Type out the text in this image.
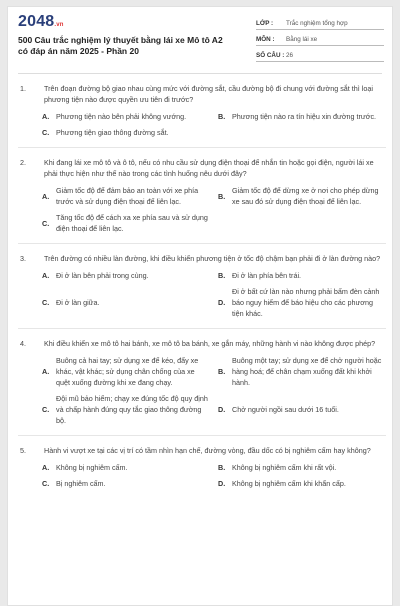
2048.vn
500 Câu trắc nghiệm lý thuyết bằng lái xe Mô tô A2 có đáp án năm 2025 - Phần 20
LỚP :	Trắc nghiệm tổng hợp
MÔN :	Bằng lái xe
SỐ CÂU : 26
1.	Trên đoạn đường bộ giao nhau cùng mức với đường sắt, cầu đường bộ đi chung với đường sắt thì loại phương tiện nào được quyền ưu tiên đi trước?
A. Phương tiện nào bên phải không vướng.	B. Phương tiện nào ra tín hiệu xin đường trước.
C. Phương tiện giao thông đường sắt.
2.	Khi đang lái xe mô tô và ô tô, nếu có nhu cầu sử dụng điện thoại để nhắn tin hoặc gọi điện, người lái xe phải thực hiện như thế nào trong các tình huống nêu dưới đây?
A.
Giảm tốc độ để đảm bảo an toàn với xe phía trước và sử dụng điện thoại để liên lạc.
B.
Giảm tốc độ để dừng xe ở nơi cho phép dừng xe sau đó sử dụng điện thoại để liên lạc.
C.
Tăng tốc độ để cách xa xe phía sau và sử dụng điện thoại để liên lạc.
3.	Trên đường có nhiều làn đường, khi điều khiển phương tiện ở tốc độ chậm bạn phải đi ở làn đường nào?
A. Đi ở làn bên phải trong cùng.	B. Đi ở làn phía bên trái.
C. Đi ở làn giữa.	D.
Đi ở bất cứ làn nào nhưng phải bấm đèn cảnh báo nguy hiểm để báo hiệu cho các phương tiện khác.
4.	Khi điều khiển xe mô tô hai bánh, xe mô tô ba bánh, xe gắn máy, những hành vi nào không được phép?
A.
Buông cả hai tay; sử dụng xe để kéo, đẩy xe khác, vật khác; sử dụng chân chống của xe quệt xuống đường khi xe đang chạy.
B.
Buông một tay; sử dụng xe để chở người hoặc hàng hoá; để chân chạm xuống đất khi khởi hành.
C.
Đội mũ bảo hiểm; chạy xe đúng tốc độ quy định và chấp hành đúng quy tắc giao thông đường bộ.
D. Chở người ngồi sau dưới 16 tuổi.
5.	Hành vi vượt xe tại các vị trí có tầm nhìn hạn chế, đường vòng, đầu dốc có bị nghiêm cấm hay không?
A. Không bị nghiêm cấm.	B. Không bị nghiêm cấm khi rất vội.
C. Bị nghiêm cấm.	D. Không bị nghiêm cấm khi khẩn cấp.
